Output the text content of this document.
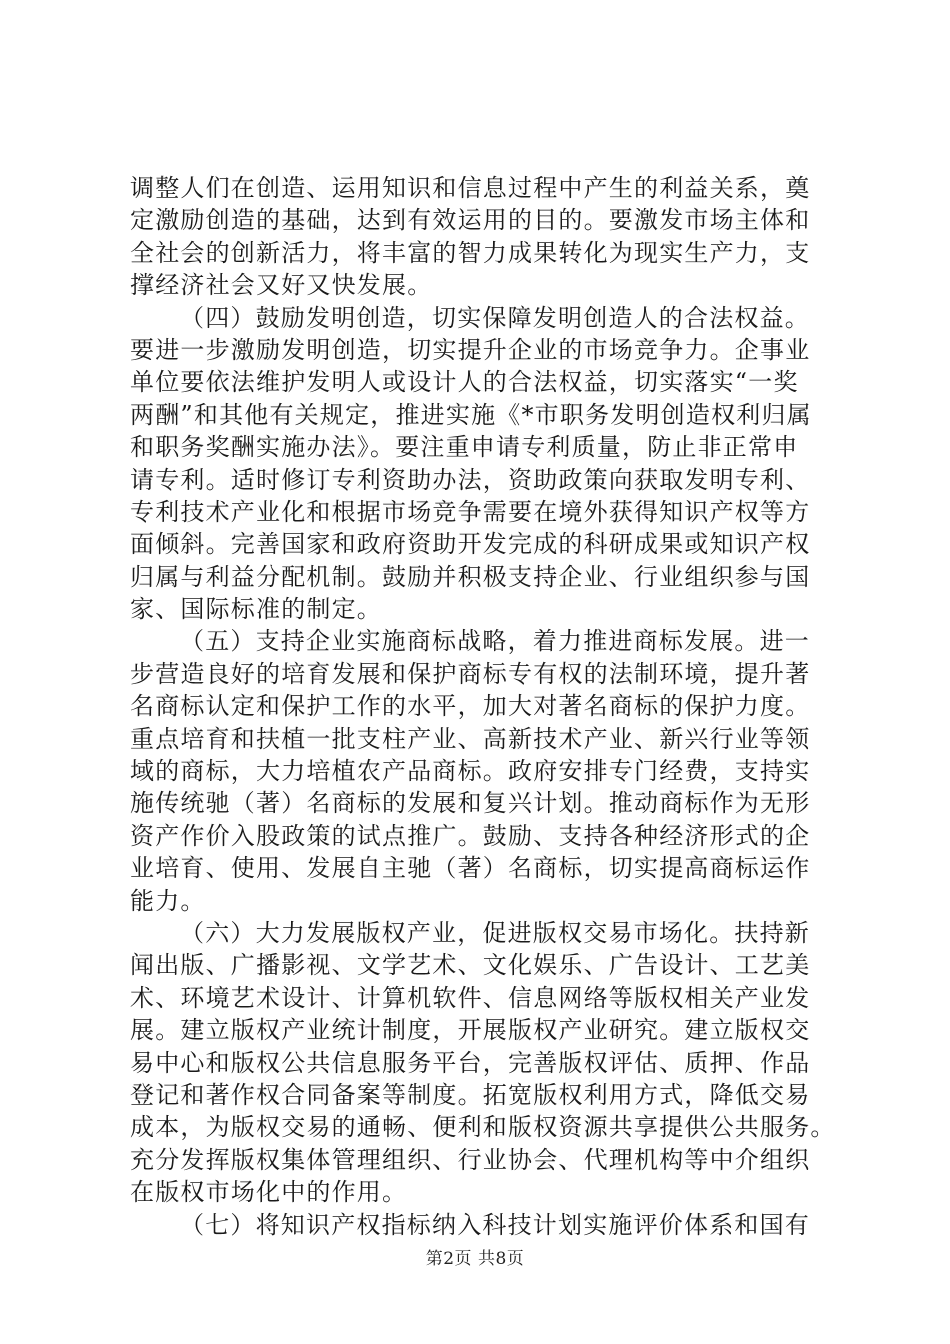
调整人们在创造、运用知识和信息过程中产生的利益关系，奠
定激励创造的基础，达到有效运用的目的。要激发市场主体和
全社会的创新活力，将丰富的智力成果转化为现实生产力，支
撑经济社会又好又快发展。
（四）鼓励发明创造，切实保障发明创造人的合法权益。
要进一步激励发明创造，切实提升企业的市场竞争力。企事业
单位要依法维护发明人或设计人的合法权益，切实落实“一奖
两酬”和其他有关规定，推进实施《*市职务发明创造权利归属
和职务奖酬实施办法》。要注重申请专利质量，防止非正常申
请专利。适时修订专利资助办法，资助政策向获取发明专利、
专利技术产业化和根据市场竞争需要在境外获得知识产权等方
面倾斜。完善国家和政府资助开发完成的科研成果或知识产权
归属与利益分配机制。鼓励并积极支持企业、行业组织参与国
家、国际标准的制定。
（五）支持企业实施商标战略，着力推进商标发展。进一
步营造良好的培育发展和保护商标专有权的法制环境，提升著
名商标认定和保护工作的水平，加大对著名商标的保护力度。
重点培育和扶植一批支柱产业、高新技术产业、新兴行业等领
域的商标，大力培植农产品商标。政府安排专门经费，支持实
施传统驰（著）名商标的发展和复兴计划。推动商标作为无形
资产作价入股政策的试点推广。鼓励、支持各种经济形式的企
业培育、使用、发展自主驰（著）名商标，切实提高商标运作
能力。
（六）大力发展版权产业，促进版权交易市场化。扶持新
闻出版、广播影视、文学艺术、文化娱乐、广告设计、工艺美
术、环境艺术设计、计算机软件、信息网络等版权相关产业发
展。建立版权产业统计制度，开展版权产业研究。建立版权交
易中心和版权公共信息服务平台，完善版权评估、质押、作品
登记和著作权合同备案等制度。拓宽版权利用方式，降低交易
成本，为版权交易的通畅、便利和版权资源共享提供公共服务。
充分发挥版权集体管理组织、行业协会、代理机构等中介组织
在版权市场化中的作用。
（七）将知识产权指标纳入科技计划实施评价体系和国有
第2页 共8页
